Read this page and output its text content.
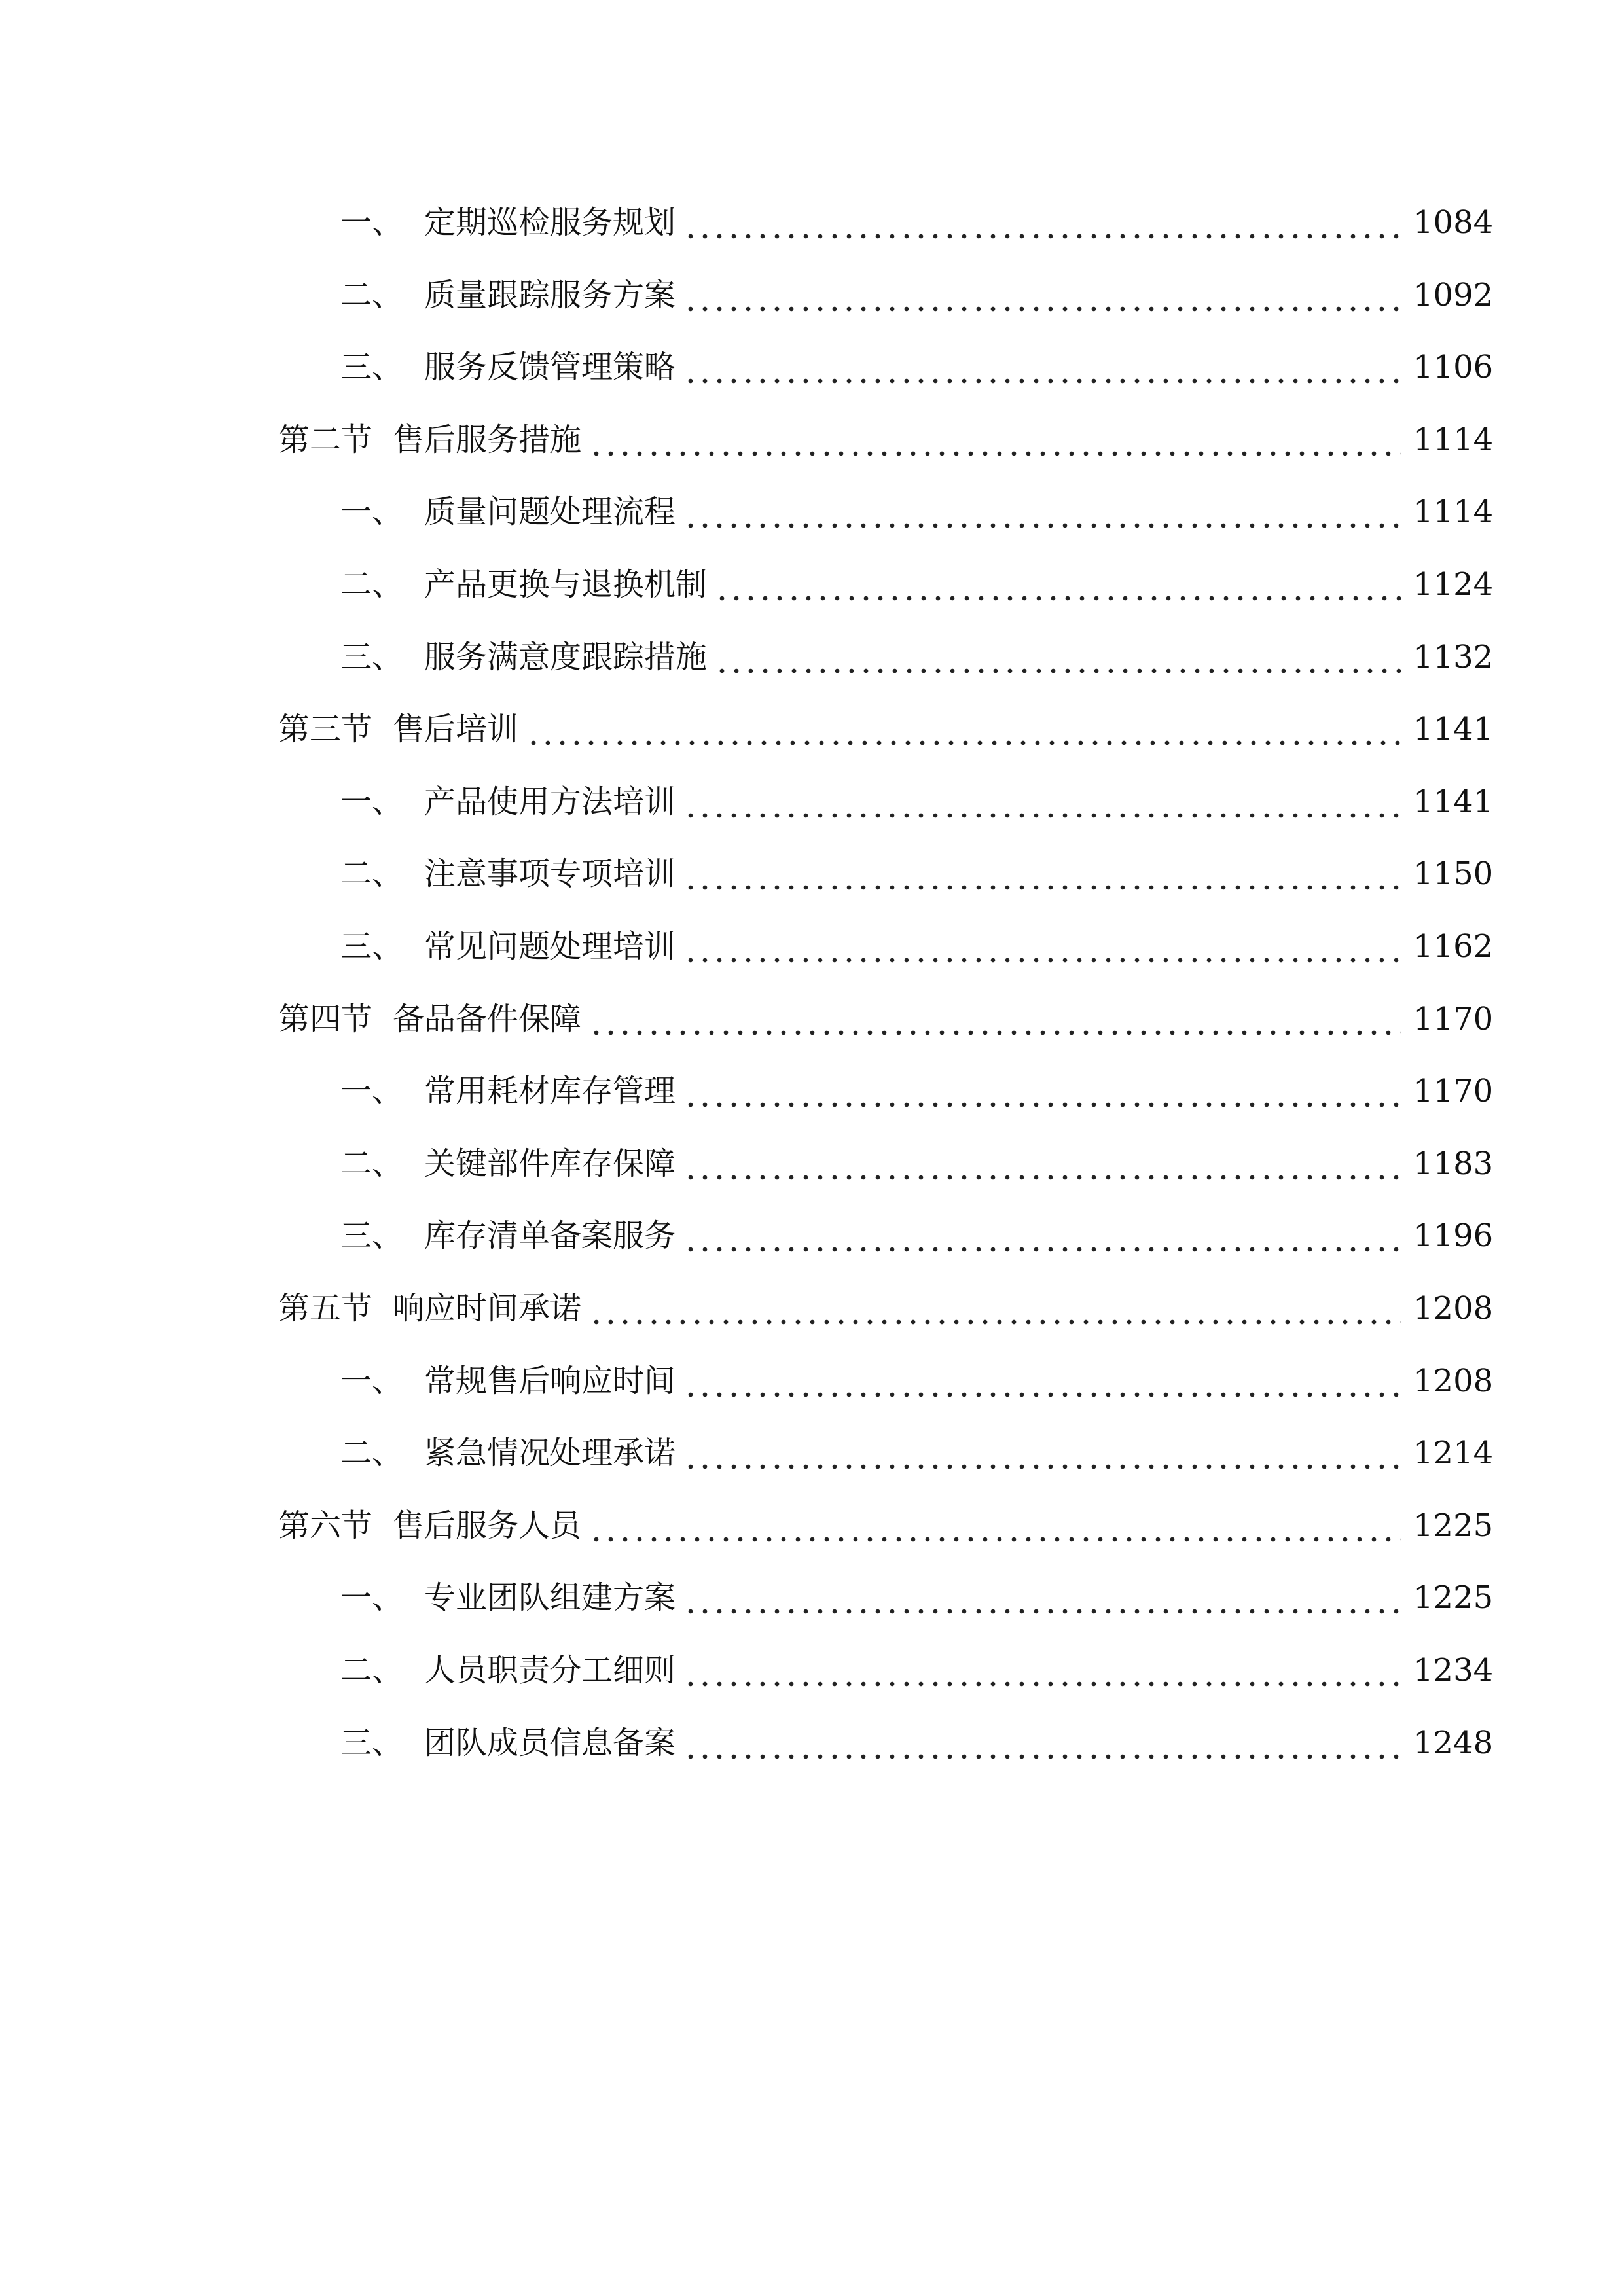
一、 定期巡检服务规划	1084
二、 质量跟踪服务方案	1092
三、 服务反馈管理策略	1106
第二节 售后服务措施	1114
一、 质量问题处理流程	1114
二、 产品更换与退换机制	1124
三、 服务满意度跟踪措施	1132
第三节 售后培训	1141
一、 产品使用方法培训	1141
二、 注意事项专项培训	1150
三、 常见问题处理培训	1162
第四节 备品备件保障	1170
一、 常用耗材库存管理	1170
二、 关键部件库存保障	1183
三、 库存清单备案服务	1196
第五节 响应时间承诺	1208
一、 常规售后响应时间	1208
二、 紧急情况处理承诺	1214
第六节 售后服务人员	1225
一、 专业团队组建方案	1225
二、 人员职责分工细则	1234
三、 团队成员信息备案	1248
